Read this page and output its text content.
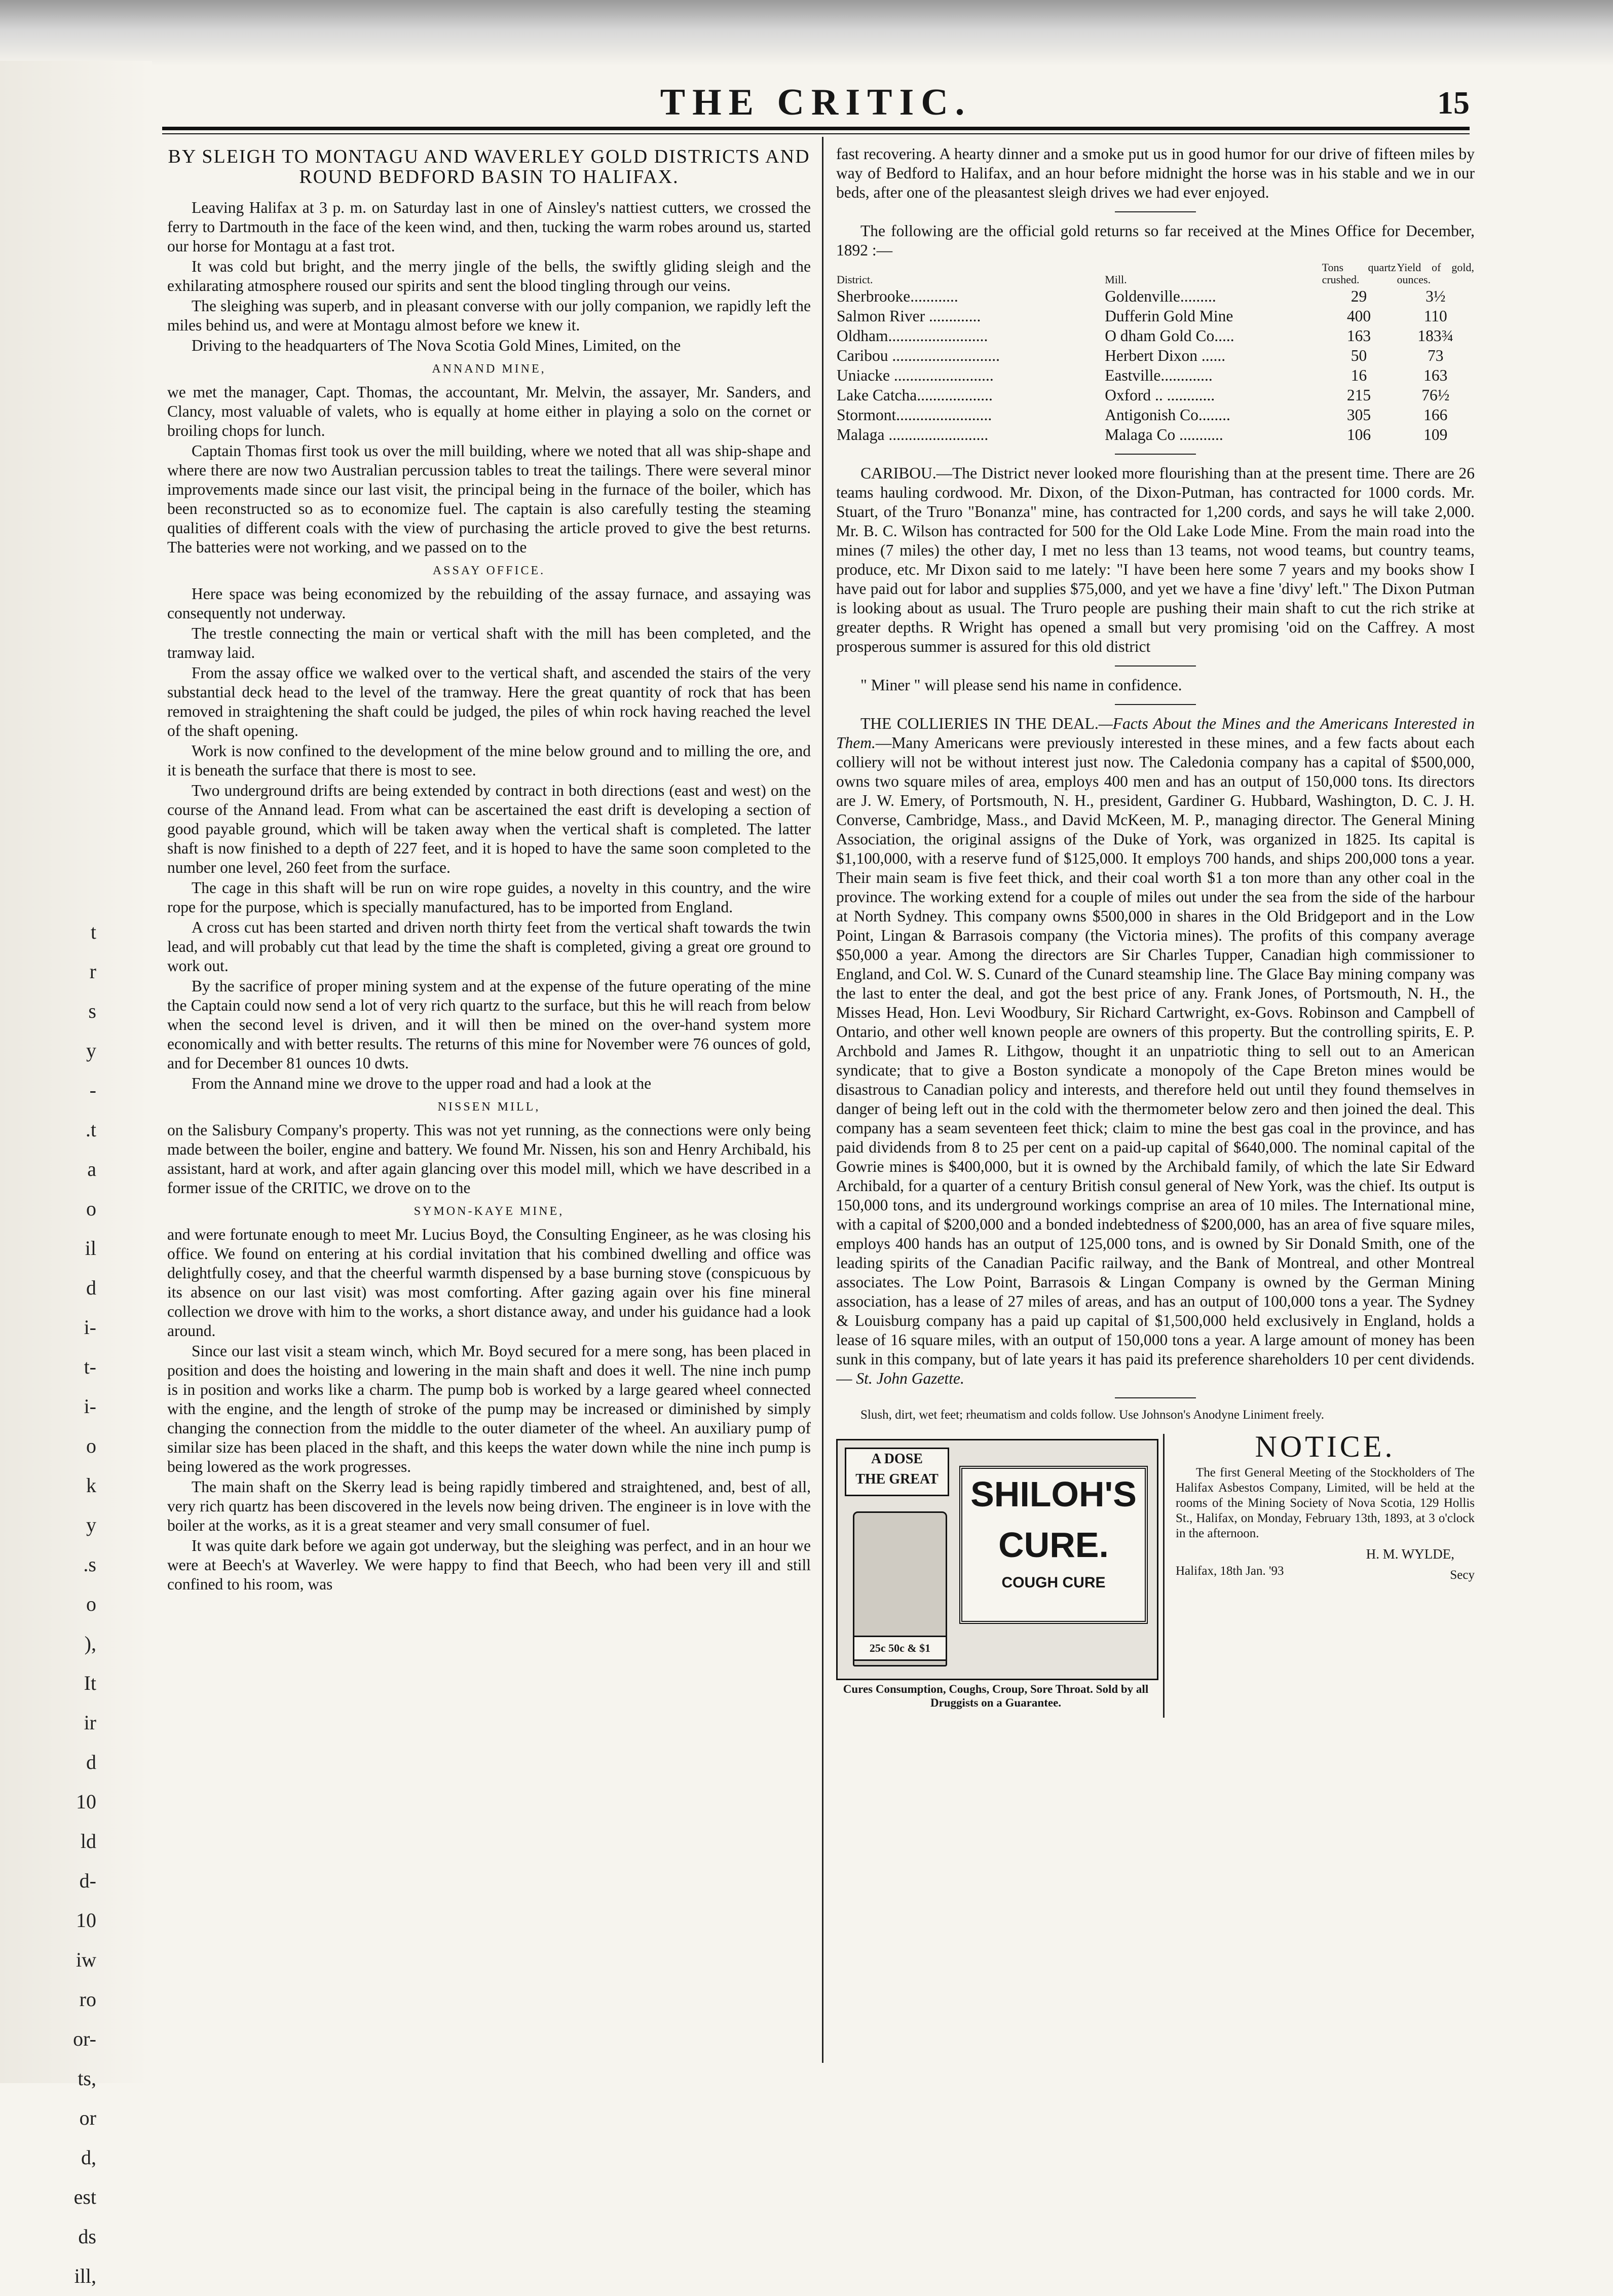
t
r
s
y
-
.t
a
o
il
d
i-
t-
i-
o
k
y
.s
o
),
It
ir
d
10
ld
d-
10
iw
ro
or-
ts,
or
d,
est
ds
ill,
THE CRITIC.	15
BY SLEIGH TO MONTAGU AND WAVERLEY GOLD DISTRICTS AND ROUND BEDFORD BASIN TO HALIFAX.

Leaving Halifax at 3 p. m. on Saturday last in one of Ainsley's nattiest cutters, we crossed the ferry to Dartmouth in the face of the keen wind, and then, tucking the warm robes around us, started our horse for Montagu at a fast trot.

It was cold but bright, and the merry jingle of the bells, the swiftly gliding sleigh and the exhilarating atmosphere roused our spirits and sent the blood tingling through our veins.

The sleighing was superb, and in pleasant converse with our jolly companion, we rapidly left the miles behind us, and were at Montagu almost before we knew it.

Driving to the headquarters of The Nova Scotia Gold Mines, Limited, on the

ANNAND MINE,

we met the manager, Capt. Thomas, the accountant, Mr. Melvin, the assayer, Mr. Sanders, and Clancy, most valuable of valets, who is equally at home either in playing a solo on the cornet or broiling chops for lunch.

Captain Thomas first took us over the mill building, where we noted that all was ship-shape and where there are now two Australian percussion tables to treat the tailings. There were several minor improvements made since our last visit, the principal being in the furnace of the boiler, which has been reconstructed so as to economize fuel. The captain is also carefully testing the steaming qualities of different coals with the view of purchasing the article proved to give the best returns. The batteries were not working, and we passed on to the

ASSAY OFFICE.

Here space was being economized by the rebuilding of the assay furnace, and assaying was consequently not underway.

The trestle connecting the main or vertical shaft with the mill has been completed, and the tramway laid.

From the assay office we walked over to the vertical shaft, and ascended the stairs of the very substantial deck head to the level of the tramway. Here the great quantity of rock that has been removed in straightening the shaft could be judged, the piles of whin rock having reached the level of the shaft opening.

Work is now confined to the development of the mine below ground and to milling the ore, and it is beneath the surface that there is most to see.

Two underground drifts are being extended by contract in both directions (east and west) on the course of the Annand lead. From what can be ascertained the east drift is developing a section of good payable ground, which will be taken away when the vertical shaft is completed. The latter shaft is now finished to a depth of 227 feet, and it is hoped to have the same soon completed to the number one level, 260 feet from the surface.

The cage in this shaft will be run on wire rope guides, a novelty in this country, and the wire rope for the purpose, which is specially manufactured, has to be imported from England.

A cross cut has been started and driven north thirty feet from the vertical shaft towards the twin lead, and will probably cut that lead by the time the shaft is completed, giving a great ore ground to work out.

By the sacrifice of proper mining system and at the expense of the future operating of the mine the Captain could now send a lot of very rich quartz to the surface, but this he will reach from below when the second level is driven, and it will then be mined on the over-hand system more economically and with better results. The returns of this mine for November were 76 ounces of gold, and for December 81 ounces 10 dwts.

From the Annand mine we drove to the upper road and had a look at the

NISSEN MILL,

on the Salisbury Company's property. This was not yet running, as the connections were only being made between the boiler, engine and battery. We found Mr. Nissen, his son and Henry Archibald, his assistant, hard at work, and after again glancing over this model mill, which we have described in a former issue of the CRITIC, we drove on to the

SYMON-KAYE MINE,

and were fortunate enough to meet Mr. Lucius Boyd, the Consulting Engineer, as he was closing his office. We found on entering at his cordial invitation that his combined dwelling and office was delightfully cosey, and that the cheerful warmth dispensed by a base burning stove (conspicuous by its absence on our last visit) was most comforting. After gazing again over his fine mineral collection we drove with him to the works, a short distance away, and under his guidance had a look around.

Since our last visit a steam winch, which Mr. Boyd secured for a mere song, has been placed in position and does the hoisting and lowering in the main shaft and does it well. The nine inch pump is in position and works like a charm. The pump bob is worked by a large geared wheel connected with the engine, and the length of stroke of the pump may be increased or diminished by simply changing the connection from the middle to the outer diameter of the wheel. An auxiliary pump of similar size has been placed in the shaft, and this keeps the water down while the nine inch pump is being lowered as the work progresses.

The main shaft on the Skerry lead is being rapidly timbered and straightened, and, best of all, very rich quartz has been discovered in the levels now being driven. The engineer is in love with the boiler at the works, as it is a great steamer and very small consumer of fuel.

It was quite dark before we again got underway, but the sleighing was perfect, and in an hour we were at Beech's at Waverley. We were happy to find that Beech, who had been very ill and still confined to his room, was

fast recovering. A hearty dinner and a smoke put us in good humor for our drive of fifteen miles by way of Bedford to Halifax, and an hour before midnight the horse was in his stable and we in our beds, after one of the pleasantest sleigh drives we had ever enjoyed.

The following are the official gold returns so far received at the Mines Office for December, 1892 :—

District.	Mill.	Tons quartz crushed.	Yield of gold, ounces.
Sherbrooke............	Goldenville.........	29	3½
Salmon River .............	Dufferin Gold Mine	400	110
Oldham.........................	O dham Gold Co.....	163	183¾
Caribou ...........................	Herbert Dixon ......	50	73
Uniacke .........................	Eastville.............	16	163
Lake Catcha...................	Oxford .. ............	215	76½
Stormont........................	Antigonish Co........	305	166
Malaga .........................	Malaga Co ...........	106	109

CARIBOU.—The District never looked more flourishing than at the present time. There are 26 teams hauling cordwood. Mr. Dixon, of the Dixon-Putman, has contracted for 1000 cords. Mr. Stuart, of the Truro "Bonanza" mine, has contracted for 1,200 cords, and says he will take 2,000. Mr. B. C. Wilson has contracted for 500 for the Old Lake Lode Mine. From the main road into the mines (7 miles) the other day, I met no less than 13 teams, not wood teams, but country teams, produce, etc. Mr Dixon said to me lately: "I have been here some 7 years and my books show I have paid out for labor and supplies $75,000, and yet we have a fine 'divy' left." The Dixon Putman is looking about as usual. The Truro people are pushing their main shaft to cut the rich strike at greater depths. R Wright has opened a small but very promising 'oid on the Caffrey. A most prosperous summer is assured for this old district

" Miner " will please send his name in confidence.

THE COLLIERIES IN THE DEAL.—Facts About the Mines and the Americans Interested in Them.—Many Americans were previously interested in these mines, and a few facts about each colliery will not be without interest just now. The Caledonia company has a capital of $500,000, owns two square miles of area, employs 400 men and has an output of 150,000 tons. Its directors are J. W. Emery, of Portsmouth, N. H., president, Gardiner G. Hubbard, Washington, D. C. J. H. Converse, Cambridge, Mass., and David McKeen, M. P., managing director. The General Mining Association, the original assigns of the Duke of York, was organized in 1825. Its capital is $1,100,000, with a reserve fund of $125,000. It employs 700 hands, and ships 200,000 tons a year. Their main seam is five feet thick, and their coal worth $1 a ton more than any other coal in the province. The working extend for a couple of miles out under the sea from the side of the harbour at North Sydney. This company owns $500,000 in shares in the Old Bridgeport and in the Low Point, Lingan & Barrasois company (the Victoria mines). The profits of this company average $50,000 a year. Among the directors are Sir Charles Tupper, Canadian high commissioner to England, and Col. W. S. Cunard of the Cunard steamship line. The Glace Bay mining company was the last to enter the deal, and got the best price of any. Frank Jones, of Portsmouth, N. H., the Misses Head, Hon. Levi Woodbury, Sir Richard Cartwright, ex-Govs. Robinson and Campbell of Ontario, and other well known people are owners of this property. But the controlling spirits, E. P. Archbold and James R. Lithgow, thought it an unpatriotic thing to sell out to an American syndicate; that to give a Boston syndicate a monopoly of the Cape Breton mines would be disastrous to Canadian policy and interests, and therefore held out until they found themselves in danger of being left out in the cold with the thermometer below zero and then joined the deal. This company has a seam seventeen feet thick; claim to mine the best gas coal in the province, and has paid dividends from 8 to 25 per cent on a paid-up capital of $640,000. The nominal capital of the Gowrie mines is $400,000, but it is owned by the Archibald family, of which the late Sir Edward Archibald, for a quarter of a century British consul general of New York, was the chief. Its output is 150,000 tons, and its underground workings comprise an area of 10 miles. The International mine, with a capital of $200,000 and a bonded indebtedness of $200,000, has an area of five square miles, employs 400 hands has an output of 125,000 tons, and is owned by Sir Donald Smith, one of the leading spirits of the Canadian Pacific railway, and the Bank of Montreal, and other Montreal associates. The Low Point, Barrasois & Lingan Company is owned by the German Mining association, has a lease of 27 miles of areas, and has an output of 100,000 tons a year. The Sydney & Louisburg company has a paid up capital of $1,500,000 held exclusively in England, holds a lease of 16 square miles, with an output of 150,000 tons a year. A large amount of money has been sunk in this company, but of late years it has paid its preference shareholders 10 per cent dividends.— St. John Gazette.

Slush, dirt, wet feet; rheumatism and colds follow. Use Johnson's Anodyne Liniment freely.

A DOSE
THE GREAT
25c 50c & $1
SHILOH'S
CURE.
COUGH CURE
Cures Consumption, Coughs, Croup, Sore Throat. Sold by all Druggists on a Guarantee.
NOTICE.
The first General Meeting of the Stockholders of The Halifax Asbestos Company, Limited, will be held at the rooms of the Mining Society of Nova Scotia, 129 Hollis St., Halifax, on Monday, February 13th, 1893, at 3 o'clock in the afternoon.
H. M. WYLDE,
Halifax, 18th Jan. '93	Secy
